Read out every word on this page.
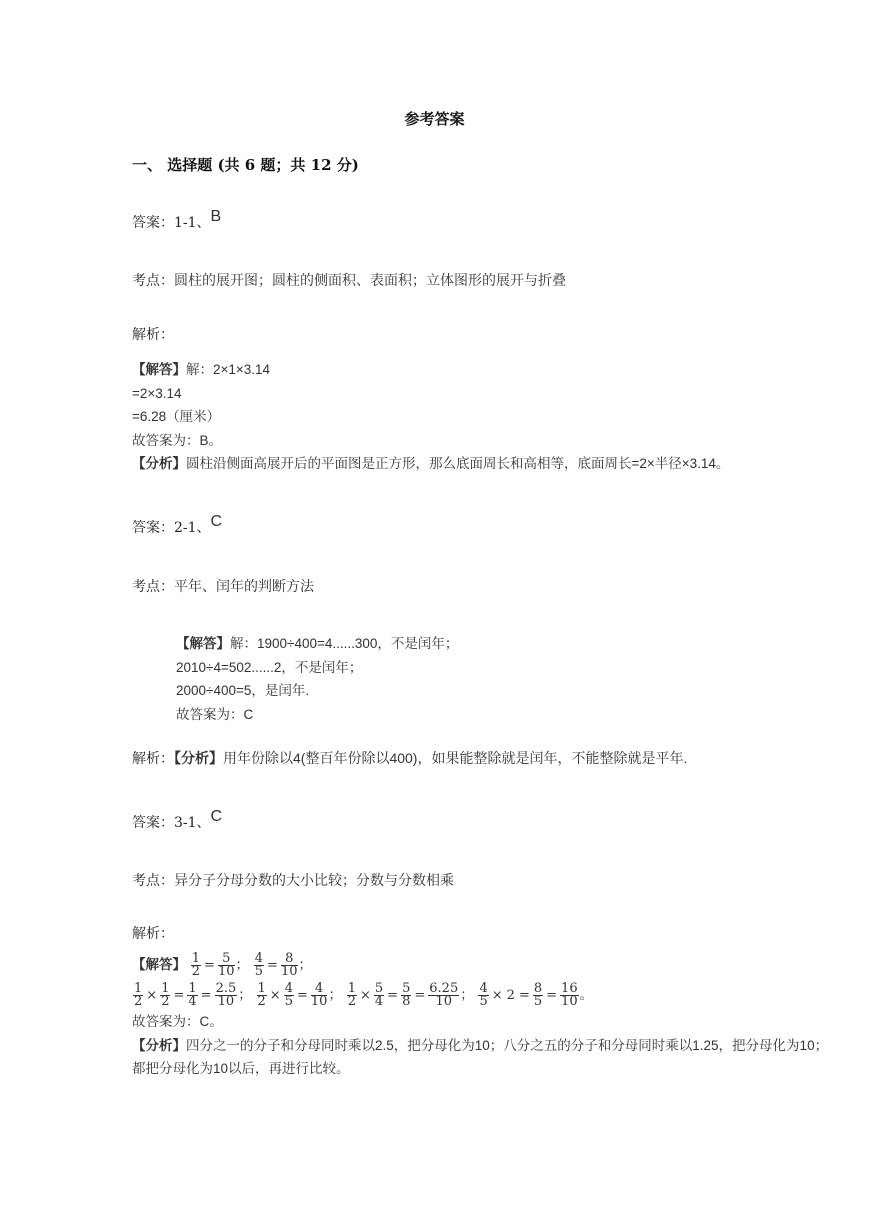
参考答案
一、 选择题 (共 6 题；共 12 分)
答案：1-1、B
考点：圆柱的展开图；圆柱的侧面积、表面积；立体图形的展开与折叠
解析：
【解答】解：2×1×3.14
=2×3.14
=6.28（厘米）
故答案为：B。
【分析】圆柱沿侧面高展开后的平面图是正方形，那么底面周长和高相等，底面周长=2×半径×3.14。
答案：2-1、C
考点：平年、闰年的判断方法
【解答】解：1900÷400=4......300，不是闰年；
2010÷4=502......2，不是闰年；
2000÷400=5，是闰年.
故答案为：C
解析：【分析】用年份除以4(整百年份除以400)，如果能整除就是闰年，不能整除就是平年.
答案：3-1、C
考点：异分子分母分数的大小比较；分数与分数相乘
解析：
【解答】 $\frac{1}{2} = \frac{5}{10}$ ； $\frac{4}{5} = \frac{8}{10}$ ；
$\frac{1}{2} \times \frac{1}{2} = \frac{1}{4} = \frac{2.5}{10}$ ； $\frac{1}{2} \times \frac{4}{5} = \frac{4}{10}$ ； $\frac{1}{2} \times \frac{5}{4} = \frac{5}{8} = \frac{6.25}{10}$ ； $\frac{4}{5} \times 2 = \frac{8}{5} = \frac{16}{10}$ 。
故答案为：C。
【分析】四分之一的分子和分母同时乘以2.5，把分母化为10；八分之五的分子和分母同时乘以1.25，把分母化为10；
都把分母化为10以后，再进行比较。
